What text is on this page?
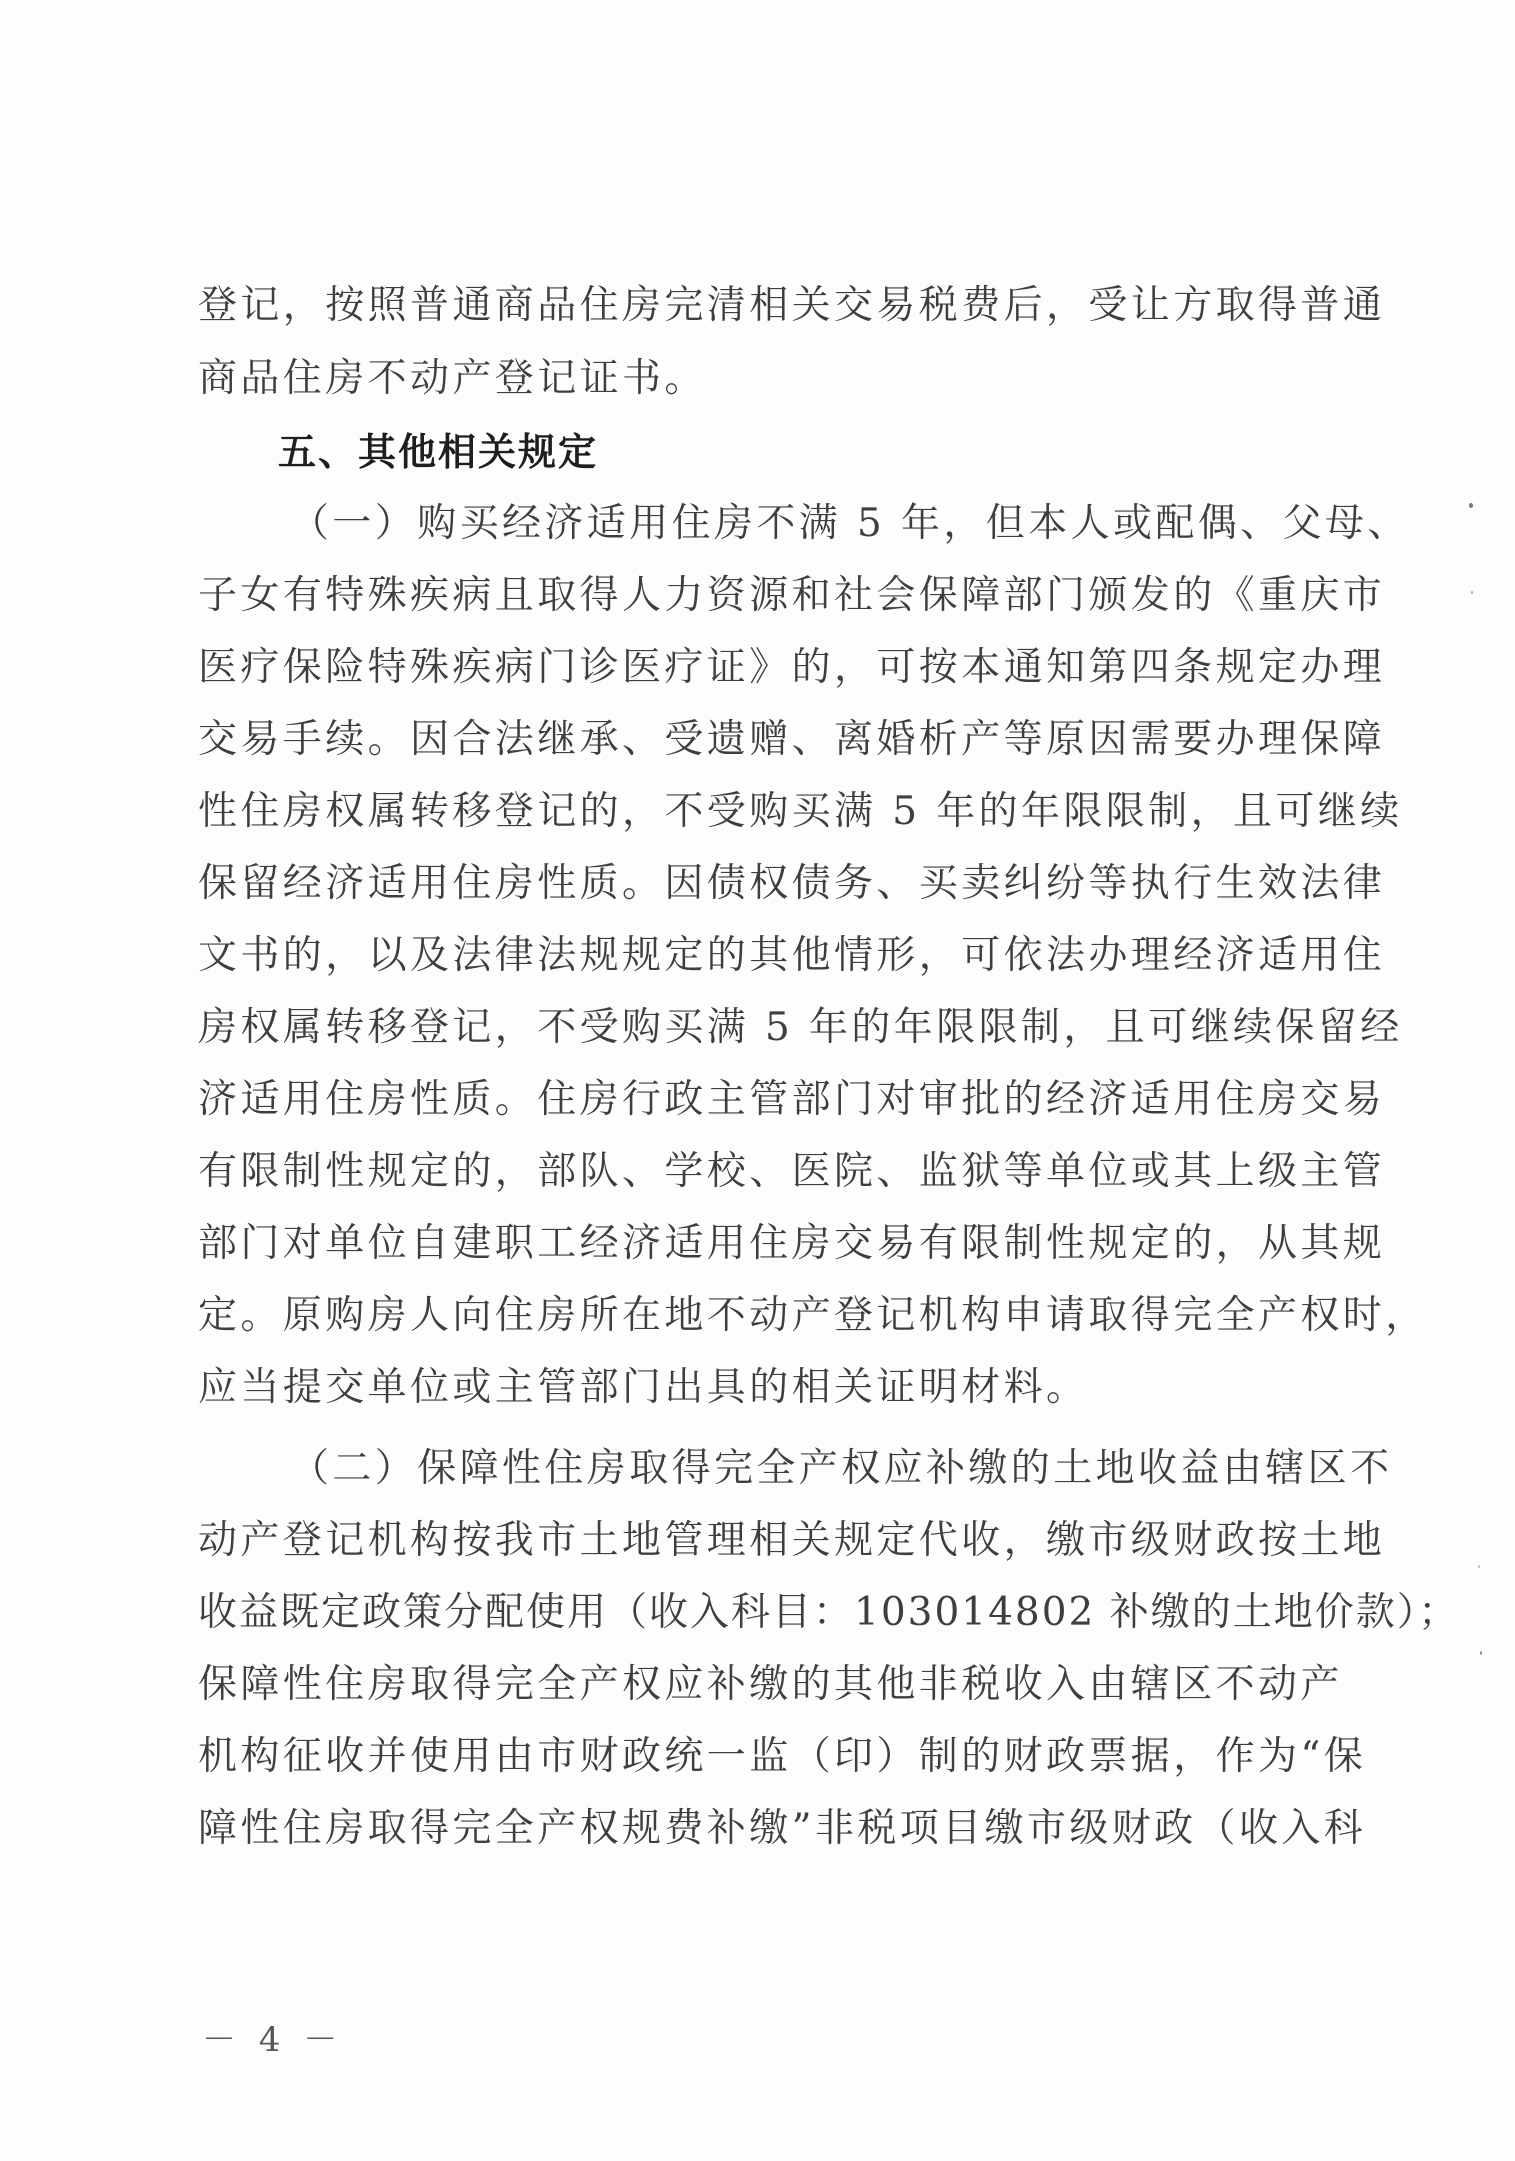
登记，按照普通商品住房完清相关交易税费后，受让方取得普通
商品住房不动产登记证书。
五、其他相关规定
（一）购买经济适用住房不满 5 年，但本人或配偶、父母、
子女有特殊疾病且取得人力资源和社会保障部门颁发的《重庆市
医疗保险特殊疾病门诊医疗证》的，可按本通知第四条规定办理
交易手续。因合法继承、受遗赠、离婚析产等原因需要办理保障
性住房权属转移登记的，不受购买满 5 年的年限限制，且可继续
保留经济适用住房性质。因债权债务、买卖纠纷等执行生效法律
文书的，以及法律法规规定的其他情形，可依法办理经济适用住
房权属转移登记，不受购买满 5 年的年限限制，且可继续保留经
济适用住房性质。住房行政主管部门对审批的经济适用住房交易
有限制性规定的，部队、学校、医院、监狱等单位或其上级主管
部门对单位自建职工经济适用住房交易有限制性规定的，从其规
定。原购房人向住房所在地不动产登记机构申请取得完全产权时，
应当提交单位或主管部门出具的相关证明材料。
（二）保障性住房取得完全产权应补缴的土地收益由辖区不
动产登记机构按我市土地管理相关规定代收，缴市级财政按土地
收益既定政策分配使用（收入科目：103014802 补缴的土地价款）；
保障性住房取得完全产权应补缴的其他非税收入由辖区不动产
机构征收并使用由市财政统一监（印）制的财政票据，作为“保
障性住房取得完全产权规费补缴”非税项目缴市级财政（收入科
－ 4 －
